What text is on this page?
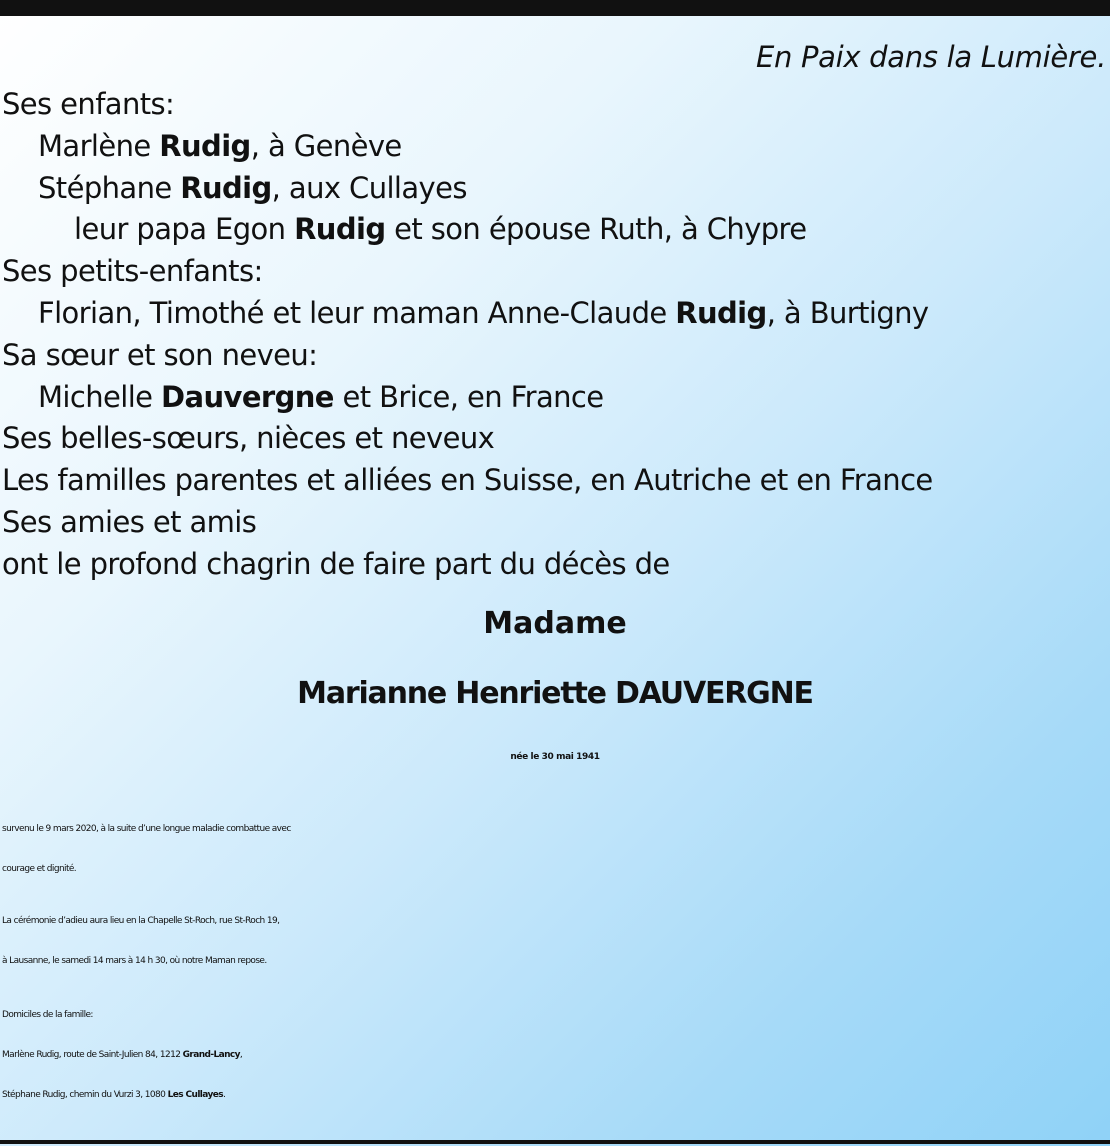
En Paix dans la Lumière.
Ses enfants:
Marlène Rudig, à Genève
Stéphane Rudig, aux Cullayes
leur papa Egon Rudig et son épouse Ruth, à Chypre
Ses petits-enfants:
Florian, Timothé et leur maman Anne-Claude Rudig, à Burtigny
Sa sœur et son neveu:
Michelle Dauvergne et Brice, en France
Ses belles-sœurs, nièces et neveux
Les familles parentes et alliées en Suisse, en Autriche et en France
Ses amies et amis
ont le profond chagrin de faire part du décès de
Madame
Marianne Henriette DAUVERGNE
née le 30 mai 1941
survenu le 9 mars 2020, à la suite d’une longue maladie combattue avec
courage et dignité.
La cérémonie d’adieu aura lieu en la Chapelle St-Roch, rue St-Roch 19,
à Lausanne, le samedi 14 mars à 14 h 30, où notre Maman repose.
Domiciles de la famille:
Marlène Rudig, route de Saint-Julien 84, 1212 Grand-Lancy,
Stéphane Rudig, chemin du Vurzi 3, 1080 Les Cullayes.
